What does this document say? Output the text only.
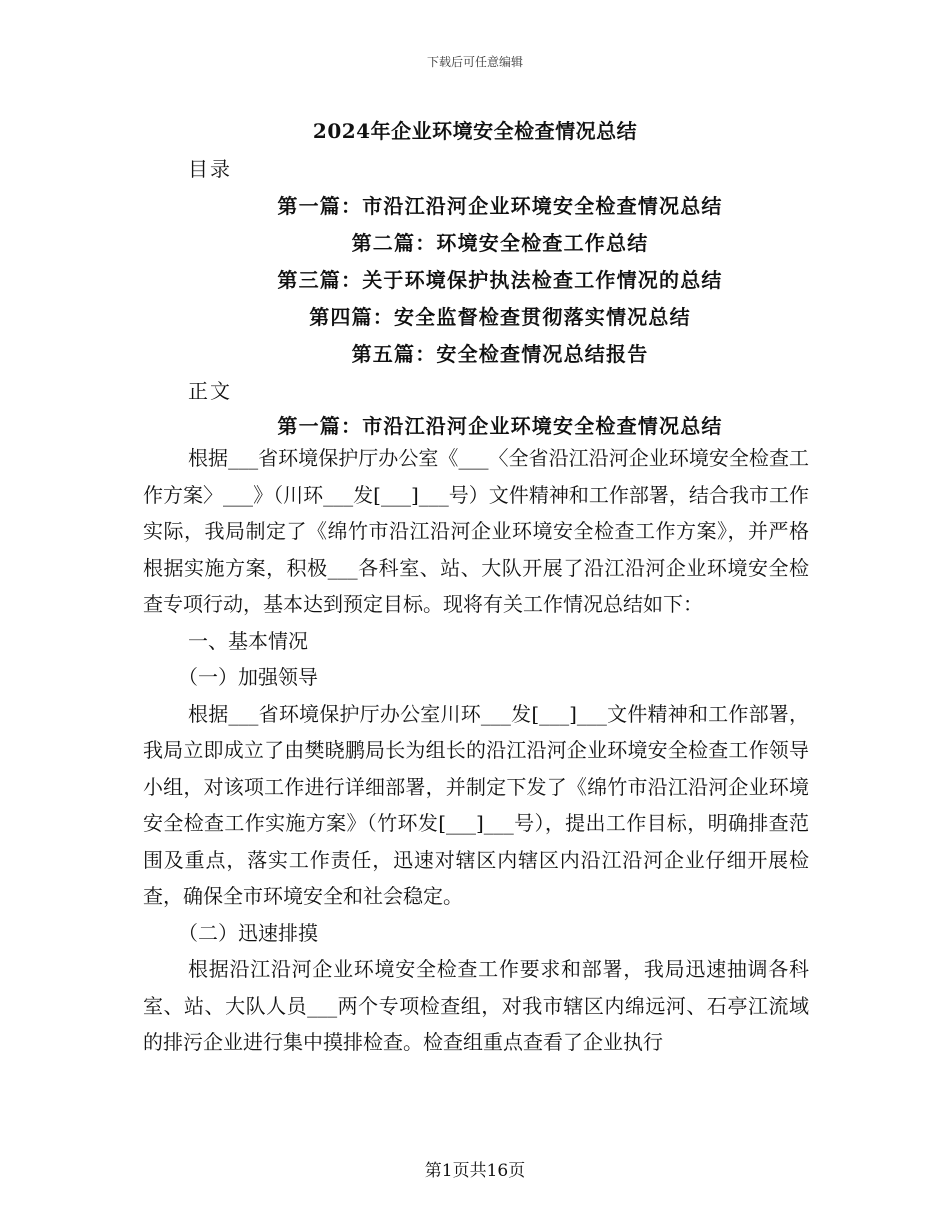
下载后可任意编辑
2024年企业环境安全检查情况总结
目录
第一篇：市沿江沿河企业环境安全检查情况总结
第二篇：环境安全检查工作总结
第三篇：关于环境保护执法检查工作情况的总结
第四篇：安全监督检查贯彻落实情况总结
第五篇：安全检查情况总结报告
正文
第一篇：市沿江沿河企业环境安全检查情况总结

根据___省环境保护厅办公室《___〈全省沿江沿河企业环境安全检查工作方案〉___》（川环___发[___]___号）文件精神和工作部署，结合我市工作实际，我局制定了《绵竹市沿江沿河企业环境安全检查工作方案》，并严格根据实施方案，积极___各科室、站、大队开展了沿江沿河企业环境安全检查专项行动，基本达到预定目标。现将有关工作情况总结如下：

一、基本情况

（一）加强领导

根据___省环境保护厅办公室川环___发[___]___文件精神和工作部署，我局立即成立了由樊晓鹏局长为组长的沿江沿河企业环境安全检查工作领导小组，对该项工作进行详细部署，并制定下发了《绵竹市沿江沿河企业环境安全检查工作实施方案》（竹环发[___]___号），提出工作目标，明确排查范围及重点，落实工作责任，迅速对辖区内辖区内沿江沿河企业仔细开展检查，确保全市环境安全和社会稳定。

（二）迅速排摸

根据沿江沿河企业环境安全检查工作要求和部署，我局迅速抽调各科室、站、大队人员___两个专项检查组，对我市辖区内绵远河、石亭江流域的排污企业进行集中摸排检查。检查组重点查看了企业执行

第1页共16页
